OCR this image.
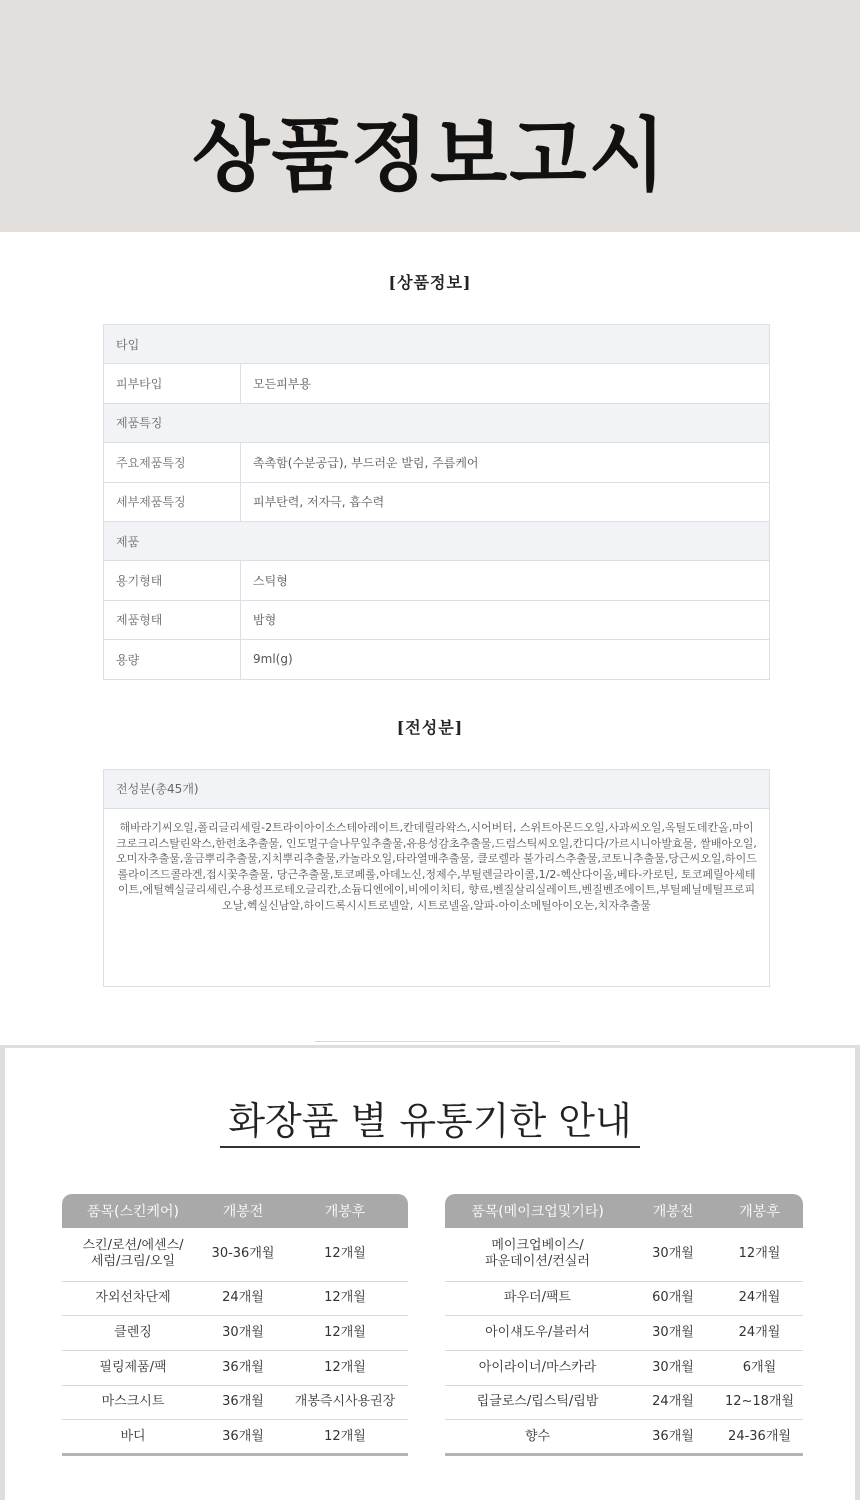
상품정보고시
[상품정보]
타입	
피부타입	모든피부용
제품특징	
주요제품특징	촉촉함(수분공급), 부드러운 발림, 주름케어
세부제품특징	피부탄력, 저자극, 흡수력
제품	
용기형태	스틱형
제품형태	밤형
용량	9ml(g)
[전성분]
전성분(총45개)
해바라기씨오일,폴리글리세릴-2트라이아이소스테아레이트,칸데릴라왁스,시어버터, 스위트아몬드오일,사과씨오일,옥틸도데칸올,마이크로크리스탈린왁스,한련초추출물, 인도멀구슬나무잎추출물,유용성감초추출물,드럼스틱씨오일,칸디다/가르시니아발효물, 쌀배아오일,오미자추출물,울금뿌리추출물,지치뿌리추출물,카놀라오일,타라열매추출물, 클로렐라 불가리스추출물,코토니추출물,당근씨오일,하이드롤라이즈드콜라겐,접시꽃추출물, 당근추출물,토코페롤,아데노신,정제수,부틸렌글라이콜,1/2-헥산다이올,베타-카로틴, 토코페릴아세테이트,에틸헥실글리세린,수용성프로테오글리칸,소듐디엔에이,비에이치티, 향료,벤질살리실레이트,벤질벤조에이트,부틸페닐메틸프로피오날,헥실신남알,하이드록시시트로넬알, 시트로넬올,알파-아이소메틸아이오논,치자추출물
화장품 별 유통기한 안내
품목(스킨케어)	개봉전	개봉후
스킨/로션/에센스/
세럼/크림/오일	30-36개월	12개월
자외선차단제	24개월	12개월
클렌징	30개월	12개월
필링제품/팩	36개월	12개월
마스크시트	36개월	개봉즉시사용권장
바디	36개월	12개월
품목(메이크업및기타)	개봉전	개봉후
메이크업베이스/
파운데이션/컨실러	30개월	12개월
파우더/팩트	60개월	24개월
아이섀도우/블러셔	30개월	24개월
아이라이너/마스카라	30개월	6개월
립글로스/립스틱/립밤	24개월	12~18개월
향수	36개월	24-36개월
